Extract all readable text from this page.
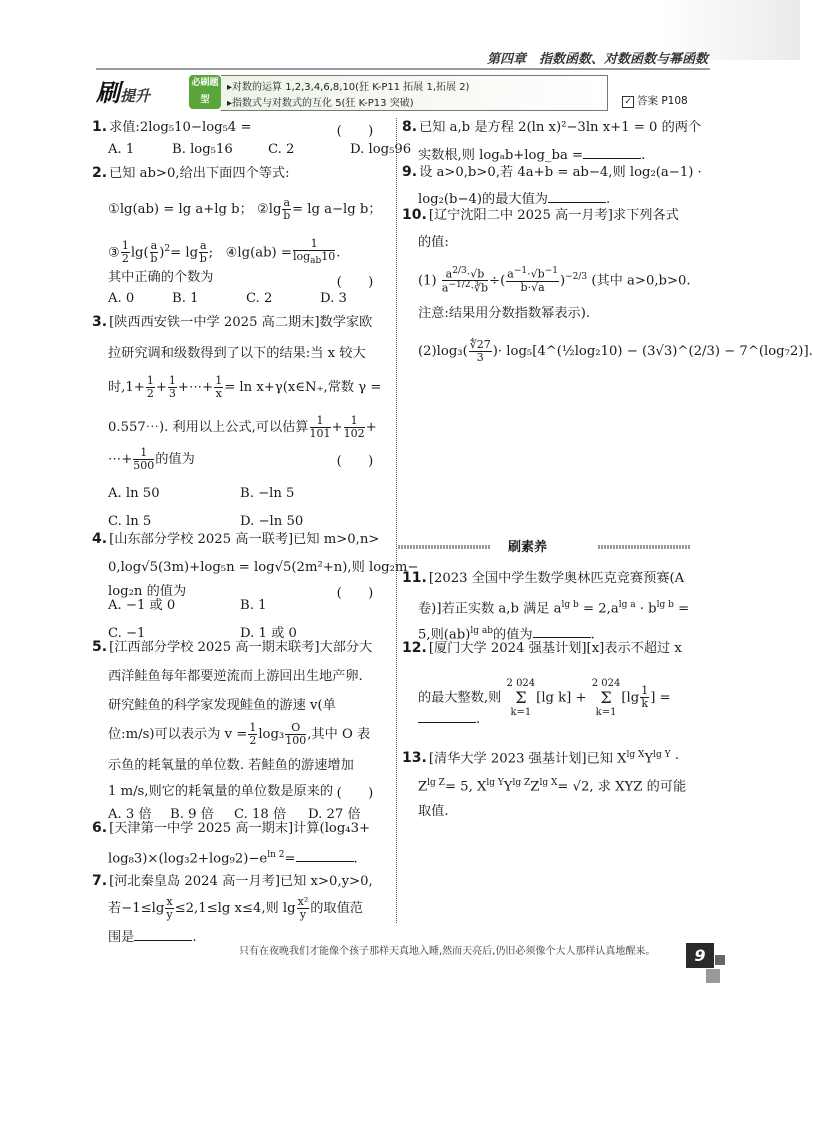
第四章　指数函数、对数函数与幂函数
刷提升
必刷题型
▸对数的运算 1,2,3,4,6,8,10(狂 K-P11 拓展 1,拓展 2)
▸指数式与对数式的互化 5(狂 K-P13 突破)	✓ 答案 P108
1. 求值:2log₅10−log₅4 =	(　　)
A. 1	B. log₅16	C. 2	D. log₅96
2. 已知 ab>0,给出下面四个等式:
①lg(ab) = lg a+lg b； ②lg $\frac{a}{b} = \lg a-\lg$ b；
③ $\frac{1}{2} \lg( \frac{a}{b} )^2= \lg \frac{a}{b}$ ;   ④lg(ab) = $\frac{1}{\log_{ab}10}$ .
其中正确的个数为	(　　)
A. 0	B. 1	C. 2	D. 3
3. [陕西西安铁一中学 2025 高二期末]数学家欧
拉研究调和级数得到了以下的结果:当 x 较大
时$,1+ \frac{1}{2} + \frac{1}{3}$ +⋯+ $\frac{1}{x} = \ln$ x+γ(x∈N₊,常数 γ =
0.557⋯). 利用以上公式,可以估算 $\frac{1}{101} + \frac{1}{102}$ +
⋯+ $\frac{1}{500}$ 的值为	(　　)
A. ln 50	B. −ln 5
C. ln 5	D. −ln 50
4. [山东部分学校 2025 高一联考]已知 m>0,n>
0,log√5(3m)+log₅n = log√5(2m²+n),则 log₂m−
log₂n 的值为	(　　)
A. −1 或 0	B. 1
C. −1	D. 1 或 0
5. [江西部分学校 2025 高一期末联考]大部分大
西洋鲑鱼每年都要逆流而上游回出生地产卵.
研究鲑鱼的科学家发现鲑鱼的游速 v(单
位:m/s)可以表示为 $v = \frac{1}{2} \log_3 \frac{O}{100}$ ,其中 O 表
示鱼的耗氧量的单位数. 若鲑鱼的游速增加
1 m/s,则它的耗氧量的单位数是原来的 (　　)
A. 3 倍	B. 9 倍	C. 18 倍	D. 27 倍
6. [天津第一中学 2025 高一期末]计算(log₄3+
$\log_83)\times(\log_32+\log_92)-e^{ln 2}=$	.
7. [河北秦皇岛 2024 高一月考]已知 x>0,y>0,
若$-1\le\lg \frac{x}{y} \le 2,1\le\lg$ x≤4,则 $\lg \frac{\text{x²}}{y}$ 的取值范
围是	.
8. 已知 a,b 是方程 2(ln x)²−3ln x+1 = 0 的两个
实数根,则 logₐb+log_ba =	.
9. 设 a>0,b>0,若 4a+b = ab−4,则 log₂(a−1) ·
log₂(b−4)的最大值为	.
10. [辽宁沈阳二中 2025 高一月考]求下列各式
的值:
$(1) \frac{a^{2/3}\cdot√b}{a^{-1/2}\cdot∛b}$ ÷( $\frac{a^{-1}\cdot√b^{-1}}{b\cdot√a} )^{-2/3}$ (其中 a>0,b>0.
注意:结果用分数指数幂表示).
$(2)\log_3( \frac{∜27}{3}$ )· log₅[4^(½log₂10) − (3√3)^(2/3) − 7^(log₇2)].
刷素养
11. [2023 全国中学生数学奥林匹克竞赛预赛(A
卷)]若正实数 a,b 满足 $a^{lg b} = 2,a^{lg a} \cdot b^{lg b}$ =
5,则(ab)$^{lg ab}$的值为	.
12. [厦门大学 2024 强基计划][x]表示不超过 x
的最大整数,则
2 024
Σ
k=1
[lg k] +
2 024
Σ
k=1
[$\lg \frac{1}{k}$ ] =
.
13. [清华大学 2023 强基计划]已知 $X^{lg X}Y^{lg Y}$ ·
$Z^{lg Z}= 5$, $X^{lg Y}Y^{lg Z}Z^{lg X}= √2$, 求 XYZ 的可能
取值.
只有在夜晚我们才能像个孩子那样天真地入睡,然而天亮后,仍旧必须像个大人那样认真地醒来。	9
